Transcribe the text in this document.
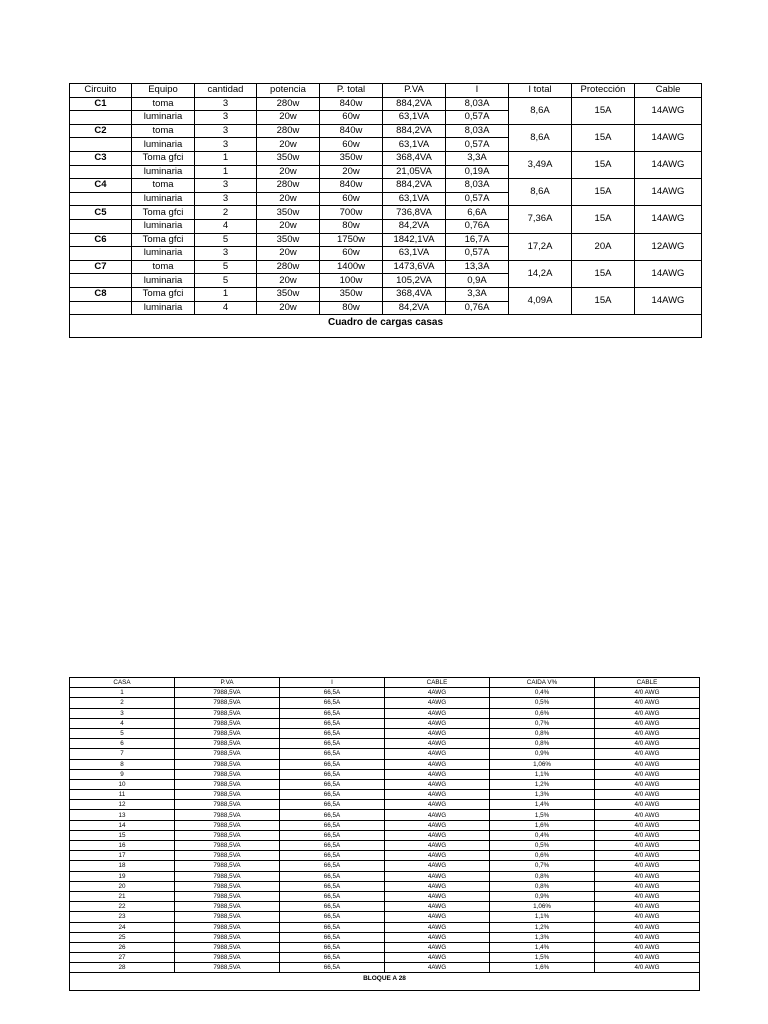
Circuito	Equipo	cantidad	potencia	P. total	P.VA	I	I total	Protección	Cable
C1	toma	3	280w	840w	884,2VA	8,03A	8,6A	15A	14AWG
	luminaria	3	20w	60w	63,1VA	0,57A			
C2	toma	3	280w	840w	884,2VA	8,03A	8,6A	15A	14AWG
	luminaria	3	20w	60w	63,1VA	0,57A			
C3	Toma gfci	1	350w	350w	368,4VA	3,3A	3,49A	15A	14AWG
	luminaria	1	20w	20w	21,05VA	0,19A			
C4	toma	3	280w	840w	884,2VA	8,03A	8,6A	15A	14AWG
	luminaria	3	20w	60w	63,1VA	0,57A			
C5	Toma gfci	2	350w	700w	736,8VA	6,6A	7,36A	15A	14AWG
	luminaria	4	20w	80w	84,2VA	0,76A			
C6	Toma gfci	5	350w	1750w	1842,1VA	16,7A	17,2A	20A	12AWG
	luminaria	3	20w	60w	63,1VA	0,57A			
C7	toma	5	280w	1400w	1473,6VA	13,3A	14,2A	15A	14AWG
	luminaria	5	20w	100w	105,2VA	0,9A			
C8	Toma gfci	1	350w	350w	368,4VA	3,3A	4,09A	15A	14AWG
	luminaria	4	20w	80w	84,2VA	0,76A			
Cuadro de cargas casas									
CASA	P.VA	I	CABLE	CAIDA V%	CABLE
1	7988,5VA	66,5A	4AWG	0,4%	4/0 AWG
2	7988,5VA	66,5A	4AWG	0,5%	4/0 AWG
3	7988,5VA	66,5A	4AWG	0,6%	4/0 AWG
4	7988,5VA	66,5A	4AWG	0,7%	4/0 AWG
5	7988,5VA	66,5A	4AWG	0,8%	4/0 AWG
6	7988,5VA	66,5A	4AWG	0,8%	4/0 AWG
7	7988,5VA	66,5A	4AWG	0,9%	4/0 AWG
8	7988,5VA	66,5A	4AWG	1,06%	4/0 AWG
9	7988,5VA	66,5A	4AWG	1,1%	4/0 AWG
10	7988,5VA	66,5A	4AWG	1,2%	4/0 AWG
11	7988,5VA	66,5A	4AWG	1,3%	4/0 AWG
12	7988,5VA	66,5A	4AWG	1,4%	4/0 AWG
13	7988,5VA	66,5A	4AWG	1,5%	4/0 AWG
14	7988,5VA	66,5A	4AWG	1,6%	4/0 AWG
15	7988,5VA	66,5A	4AWG	0,4%	4/0 AWG
16	7988,5VA	66,5A	4AWG	0,5%	4/0 AWG
17	7988,5VA	66,5A	4AWG	0,6%	4/0 AWG
18	7988,5VA	66,5A	4AWG	0,7%	4/0 AWG
19	7988,5VA	66,5A	4AWG	0,8%	4/0 AWG
20	7988,5VA	66,5A	4AWG	0,8%	4/0 AWG
21	7988,5VA	66,5A	4AWG	0,9%	4/0 AWG
22	7988,5VA	66,5A	4AWG	1,06%	4/0 AWG
23	7988,5VA	66,5A	4AWG	1,1%	4/0 AWG
24	7988,5VA	66,5A	4AWG	1,2%	4/0 AWG
25	7988,5VA	66,5A	4AWG	1,3%	4/0 AWG
26	7988,5VA	66,5A	4AWG	1,4%	4/0 AWG
27	7988,5VA	66,5A	4AWG	1,5%	4/0 AWG
28	7988,5VA	66,5A	4AWG	1,6%	4/0 AWG
BLOQUE A 28					
